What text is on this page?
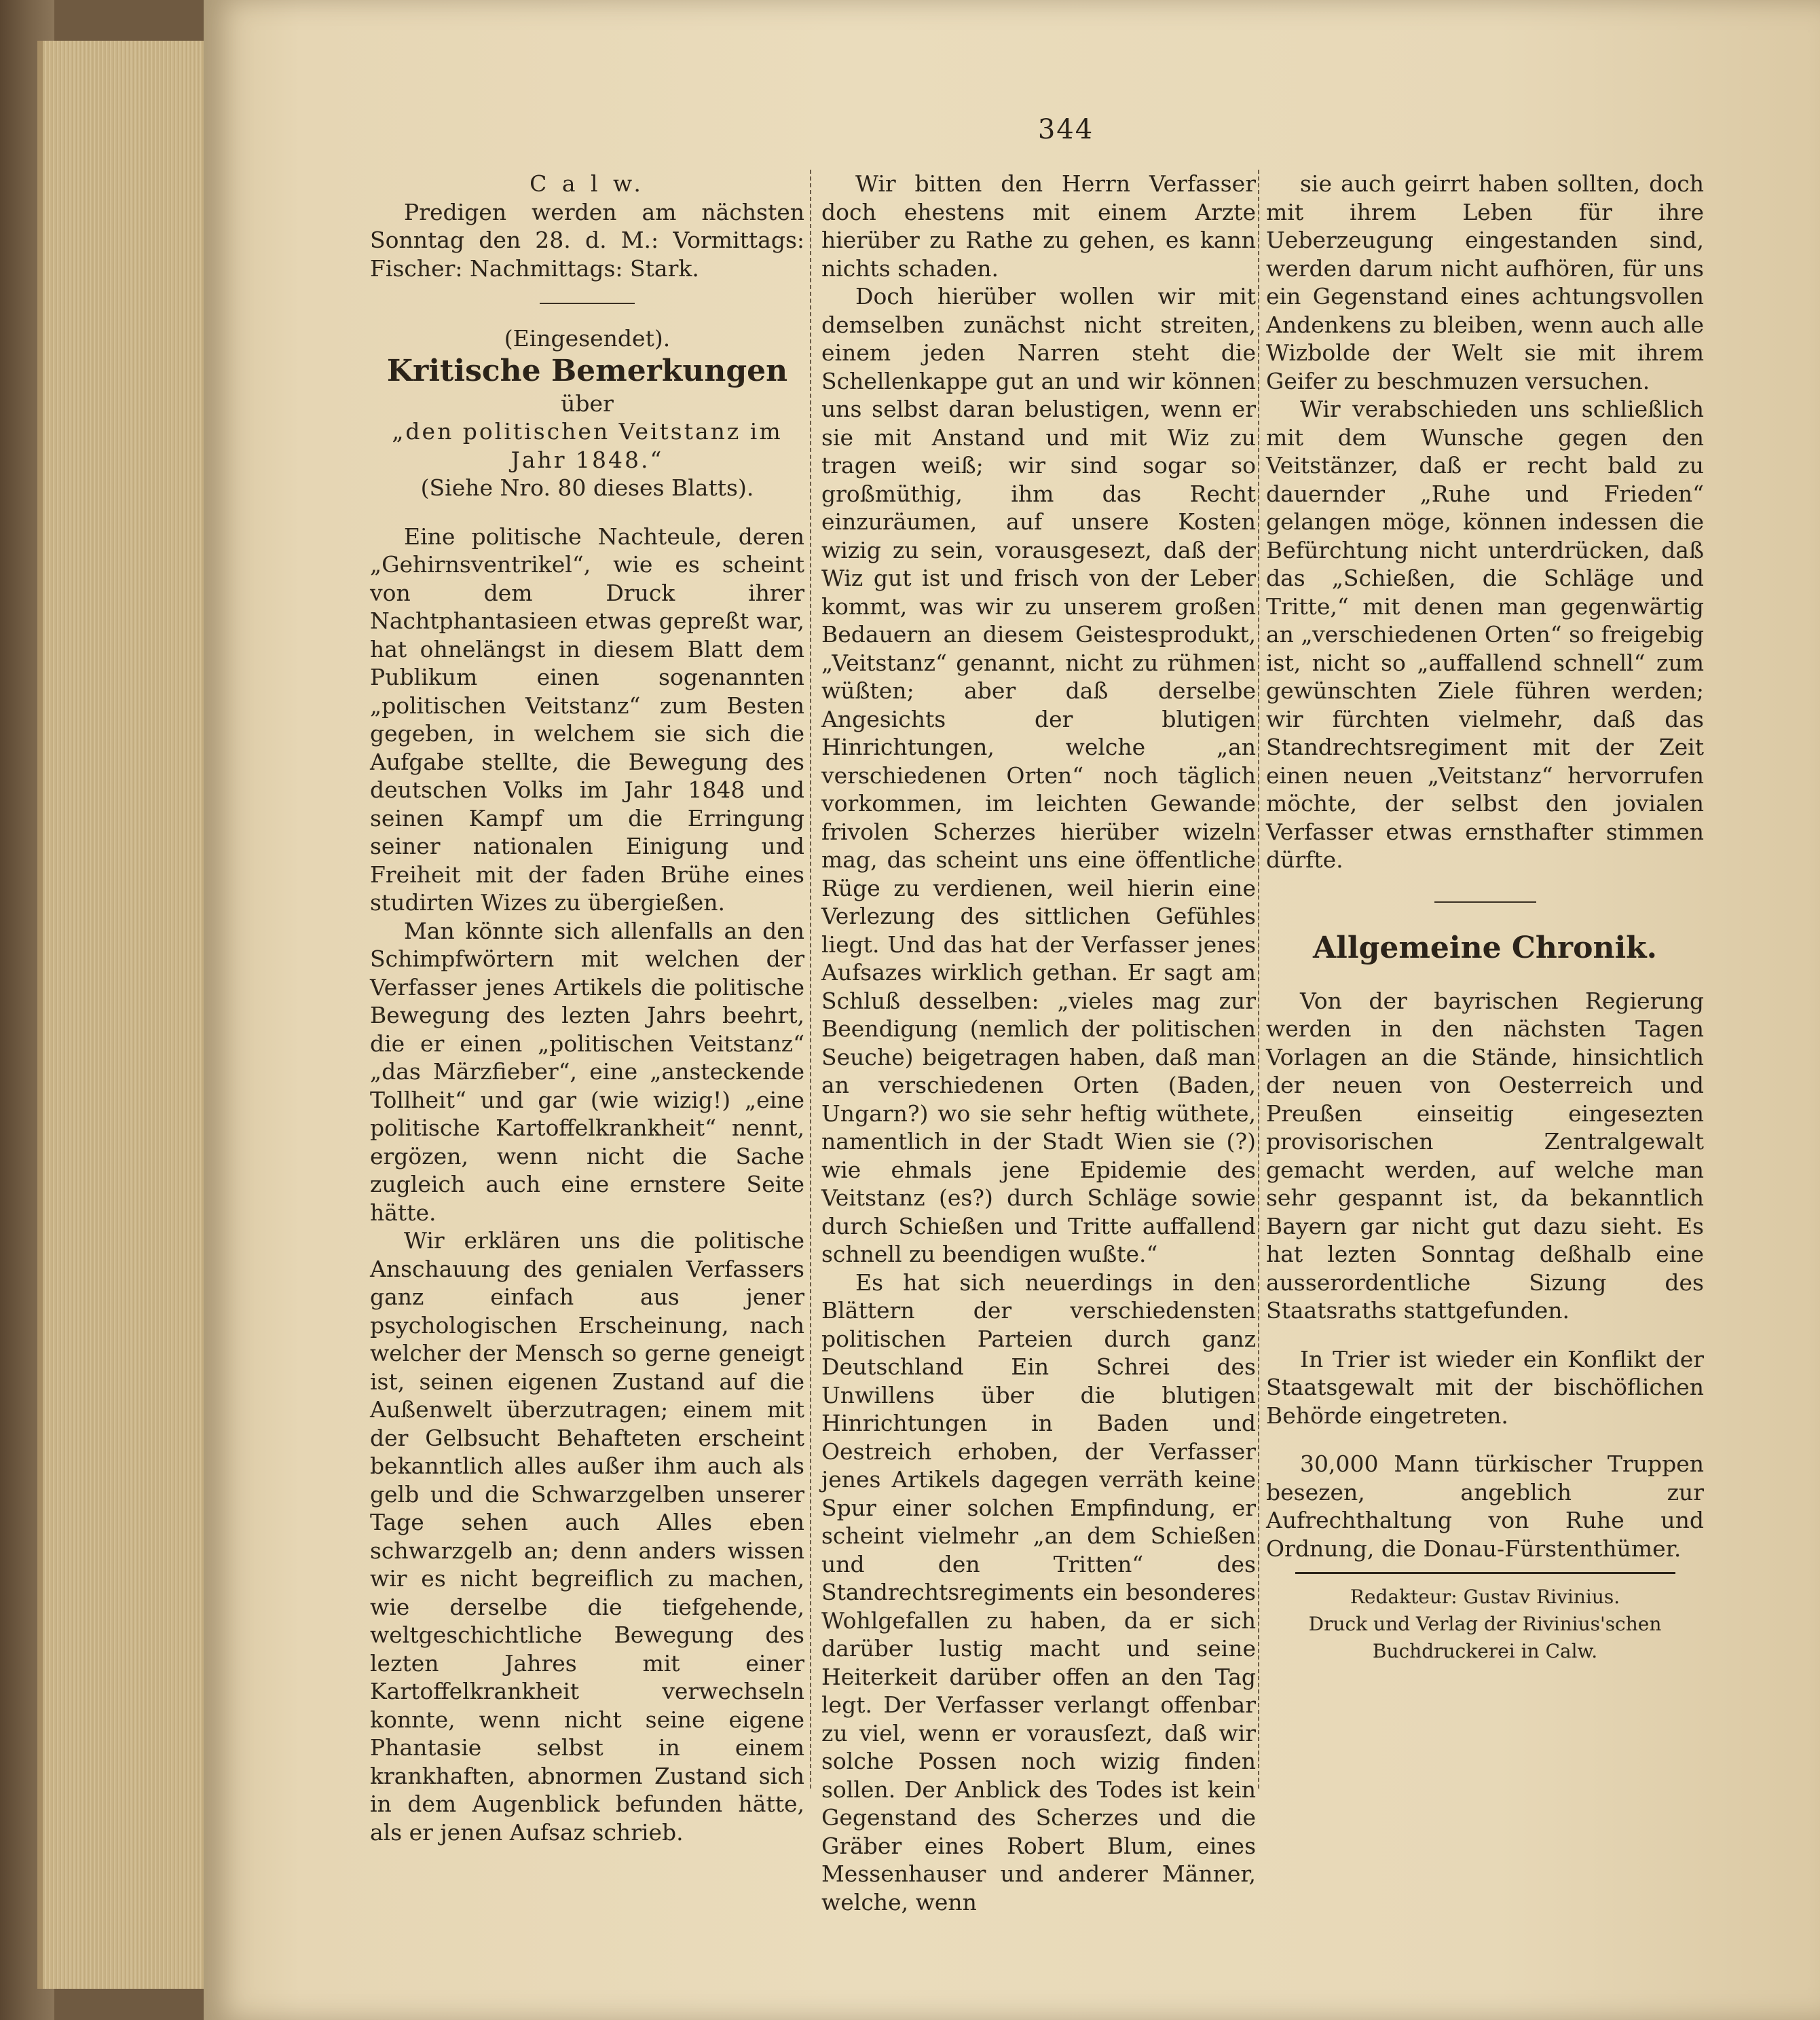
344

C a l w.

Predigen werden am nächsten Sonntag den 28. d. M.: Vormittags: Fischer: Nachmittags: Stark.

(Eingesendet).

Kritische Bemerkungen

über

„den politischen Veitstanz im

Jahr 1848.“

(Siehe Nro. 80 dieses Blatts).

Eine politische Nachteule, deren „Gehirnsventrikel“, wie es scheint von dem Druck ihrer Nachtphantasieen etwas gepreßt war, hat ohnelängst in diesem Blatt dem Publikum einen sogenannten „politischen Veitstanz“ zum Besten gegeben, in welchem sie sich die Aufgabe stellte, die Bewegung des deutschen Volks im Jahr 1848 und seinen Kampf um die Erringung seiner nationalen Einigung und Freiheit mit der faden Brühe eines studirten Wizes zu übergießen.

Man könnte sich allenfalls an den Schimpfwörtern mit welchen der Verfasser jenes Artikels die politische Bewegung des lezten Jahrs beehrt, die er einen „politischen Veitstanz“ „das Märzfieber“, eine „ansteckende Tollheit“ und gar (wie wizig!) „eine politische Kartoffelkrankheit“ nennt, ergözen, wenn nicht die Sache zugleich auch eine ernstere Seite hätte.

Wir erklären uns die politische Anschauung des genialen Verfassers ganz einfach aus jener psychologischen Erscheinung, nach welcher der Mensch so gerne geneigt ist, seinen eigenen Zustand auf die Außenwelt überzutragen; einem mit der Gelbsucht Behafteten erscheint bekanntlich alles außer ihm auch als gelb und die Schwarzgelben unserer Tage sehen auch Alles eben schwarzgelb an; denn anders wissen wir es nicht begreiflich zu machen, wie derselbe die tiefgehende, weltgeschichtliche Bewegung des lezten Jahres mit einer Kartoffelkrankheit verwechseln konnte, wenn nicht seine eigene Phantasie selbst in einem krankhaften, abnormen Zustand sich in dem Augenblick befunden hätte, als er jenen Aufsaz schrieb.

Wir bitten den Herrn Verfasser doch ehestens mit einem Arzte hierüber zu Rathe zu gehen, es kann nichts schaden.

Doch hierüber wollen wir mit demselben zunächst nicht streiten, einem jeden Narren steht die Schellenkappe gut an und wir können uns selbst daran belustigen, wenn er sie mit Anstand und mit Wiz zu tragen weiß; wir sind sogar so großmüthig, ihm das Recht einzuräumen, auf unsere Kosten wizig zu sein, vorausgesezt, daß der Wiz gut ist und frisch von der Leber kommt, was wir zu unserem großen Bedauern an diesem Geistesprodukt, „Veitstanz“ genannt, nicht zu rühmen wüßten; aber daß derselbe Angesichts der blutigen Hinrichtungen, welche „an verschiedenen Orten“ noch täglich vorkommen, im leichten Gewande frivolen Scherzes hierüber wizeln mag, das scheint uns eine öffentliche Rüge zu verdienen, weil hierin eine Verlezung des sittlichen Gefühles liegt. Und das hat der Verfasser jenes Aufsazes wirklich gethan. Er sagt am Schluß desselben: „vieles mag zur Beendigung (nemlich der politischen Seuche) beigetragen haben, daß man an verschiedenen Orten (Baden, Ungarn?) wo sie sehr heftig wüthete, namentlich in der Stadt Wien sie (?) wie ehmals jene Epidemie des Veitstanz (es?) durch Schläge sowie durch Schießen und Tritte auffallend schnell zu beendigen wußte.“

Es hat sich neuerdings in den Blättern der verschiedensten politischen Parteien durch ganz Deutschland Ein Schrei des Unwillens über die blutigen Hinrichtungen in Baden und Oestreich erhoben, der Verfasser jenes Artikels dagegen verräth keine Spur einer solchen Empfindung, er scheint vielmehr „an dem Schießen und den Tritten“ des Standrechtsregiments ein besonderes Wohlgefallen zu haben, da er sich darüber lustig macht und seine Heiterkeit darüber offen an den Tag legt. Der Verfasser verlangt offenbar zu viel, wenn er vorausſezt, daß wir solche Possen noch wizig finden sollen. Der Anblick des Todes ist kein Gegenstand des Scherzes und die Gräber eines Robert Blum, eines Messenhauser und anderer Männer, welche, wenn

sie auch geirrt haben sollten, doch mit ihrem Leben für ihre Ueberzeugung eingestanden sind, werden darum nicht aufhören, für uns ein Gegenstand eines achtungsvollen Andenkens zu bleiben, wenn auch alle Wizbolde der Welt sie mit ihrem Geifer zu beschmuzen versuchen.

Wir verabschieden uns schließlich mit dem Wunsche gegen den Veitstänzer, daß er recht bald zu dauernder „Ruhe und Frieden“ gelangen möge, können indessen die Befürchtung nicht unterdrücken, daß das „Schießen, die Schläge und Tritte,“ mit denen man gegenwärtig an „verschiedenen Orten“ so freigebig ist, nicht so „auffallend schnell“ zum gewünschten Ziele führen werden; wir fürchten vielmehr, daß das Standrechtsregiment mit der Zeit einen neuen „Veitstanz“ hervorrufen möchte, der selbst den jovialen Verfasser etwas ernsthafter stimmen dürfte.

Allgemeine Chronik.

Von der bayrischen Regierung werden in den nächsten Tagen Vorlagen an die Stände, hinsichtlich der neuen von Oesterreich und Preußen einseitig eingesezten provisorischen Zentralgewalt gemacht werden, auf welche man sehr gespannt ist, da bekanntlich Bayern gar nicht gut dazu sieht. Es hat lezten Sonntag deßhalb eine ausserordentliche Sizung des Staatsraths stattgefunden.

In Trier ist wieder ein Konflikt der Staatsgewalt mit der bischöflichen Behörde eingetreten.

30,000 Mann türkischer Truppen besezen, angeblich zur Aufrechthaltung von Ruhe und Ordnung, die Donau-Fürstenthümer.

Redakteur: Gustav Rivinius.

Druck und Verlag der Rivinius'schen Buchdruckerei in Calw.
